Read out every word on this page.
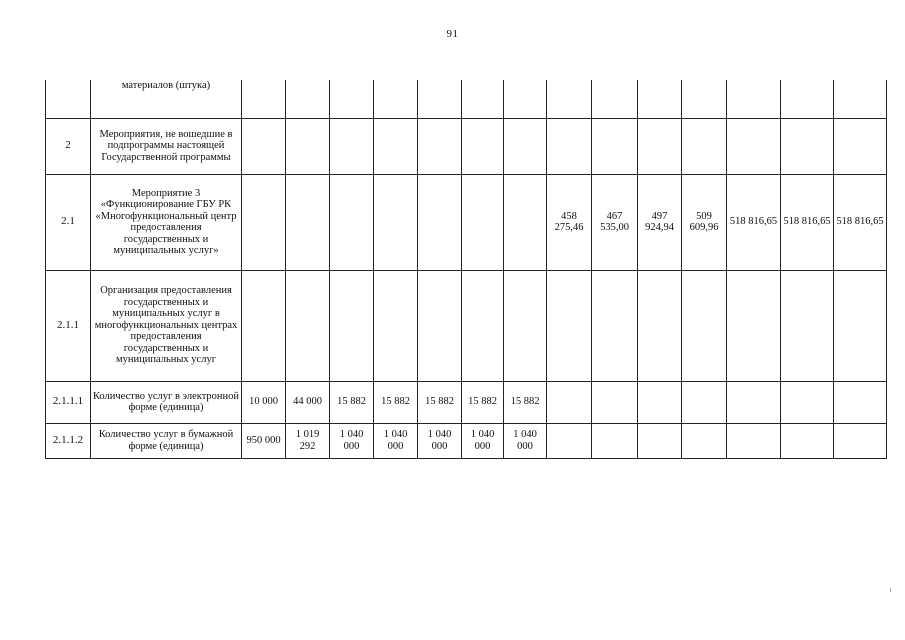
91
	материалов (штука)														
2	Мероприятия, не вошедшие в подпрограммы настоящей Государственной программы														
2.1	Мероприятие 3 «Функционирование ГБУ РК «Многофункциональный центр предоставления государственных и муниципальных услуг»								458 275,46	467 535,00	497 924,94	509 609,96	518 816,65	518 816,65	518 816,65
2.1.1	Организация предоставления государственных и муниципальных услуг в многофункциональных центрах предоставления государственных и муниципальных услуг														
2.1.1.1	Количество услуг в электронной форме (единица)	10 000	44 000	15 882	15 882	15 882	15 882	15 882							
2.1.1.2	Количество услуг в бумажной форме (единица)	950 000	1 019 292	1 040 000	1 040 000	1 040 000	1 040 000	1 040 000							
